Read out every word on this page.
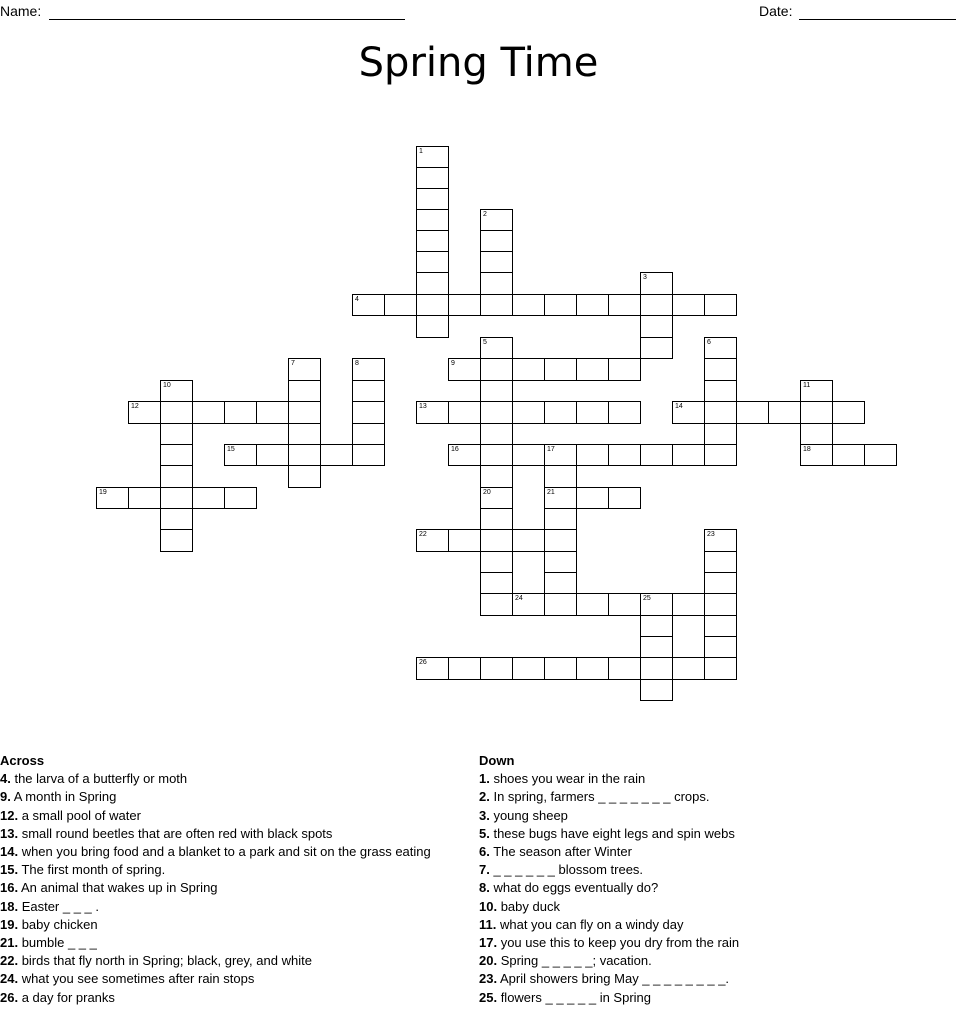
Name:	Date:
Spring Time
1
2
3
4
5
20
6
7	8	9
10	11
18
12	13	14
15	16	17
21
19
22	23
24	25
26
Across
4. the larva of a butterfly or moth
9. A month in Spring
12. a small pool of water
13. small round beetles that are often red with black spots
14. when you bring food and a blanket to a park and sit on the grass eating
15. The first month of spring.
16. An animal that wakes up in Spring
18. Easter _ _ _ .
19. baby chicken
21. bumble _ _ _
22. birds that fly north in Spring; black, grey, and white
24. what you see sometimes after rain stops
26. a day for pranks
Down
1. shoes you wear in the rain
2. In spring, farmers _ _ _ _ _ _ _ crops.
3. young sheep
5. these bugs have eight legs and spin webs
6. The season after Winter
7. _ _ _ _ _ _ blossom trees.
8. what do eggs eventually do?
10. baby duck
11. what you can fly on a windy day
17. you use this to keep you dry from the rain
20. Spring _ _ _ _ _; vacation.
23. April showers bring May _ _ _ _ _ _ _ _.
25. flowers _ _ _ _ _ in Spring
